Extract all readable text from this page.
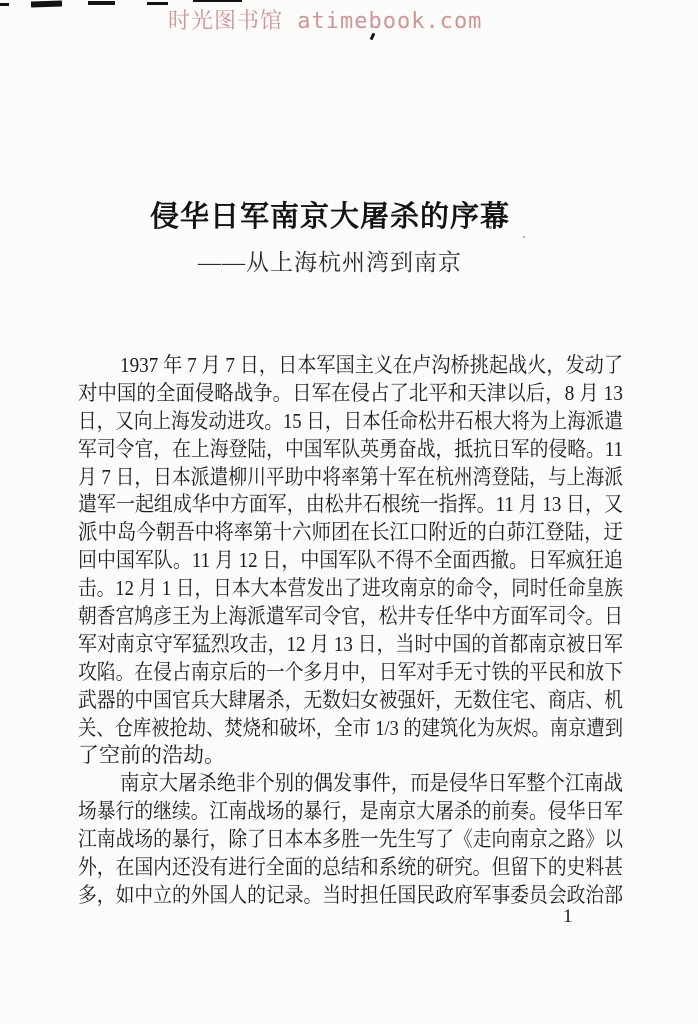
时光图书馆 atimebook.com
侵华日军南京大屠杀的序幕
——从上海杭州湾到南京
1937 年 7 月 7 日，日本军国主义在卢沟桥挑起战火，发动了
对中国的全面侵略战争。日军在侵占了北平和天津以后，8 月 13
日，又向上海发动进攻。15 日，日本任命松井石根大将为上海派遣
军司令官，在上海登陆，中国军队英勇奋战，抵抗日军的侵略。11
月 7 日，日本派遣柳川平助中将率第十军在杭州湾登陆，与上海派
遣军一起组成华中方面军，由松井石根统一指挥。11 月 13 日，又
派中岛今朝吾中将率第十六师团在长江口附近的白茆江登陆，迂
回中国军队。11 月 12 日，中国军队不得不全面西撤。日军疯狂追
击。12 月 1 日，日本大本营发出了进攻南京的命令，同时任命皇族
朝香宫鸠彦王为上海派遣军司令官，松井专任华中方面军司令。日
军对南京守军猛烈攻击，12 月 13 日，当时中国的首都南京被日军
攻陷。在侵占南京后的一个多月中，日军对手无寸铁的平民和放下
武器的中国官兵大肆屠杀，无数妇女被强奸，无数住宅、商店、机
关、仓库被抢劫、焚烧和破坏，全市 1/3 的建筑化为灰烬。南京遭到
了空前的浩劫。
南京大屠杀绝非个别的偶发事件，而是侵华日军整个江南战
场暴行的继续。江南战场的暴行，是南京大屠杀的前奏。侵华日军
江南战场的暴行，除了日本本多胜一先生写了《走向南京之路》以
外，在国内还没有进行全面的总结和系统的研究。但留下的史料甚
多，如中立的外国人的记录。当时担任国民政府军事委员会政治部
1
